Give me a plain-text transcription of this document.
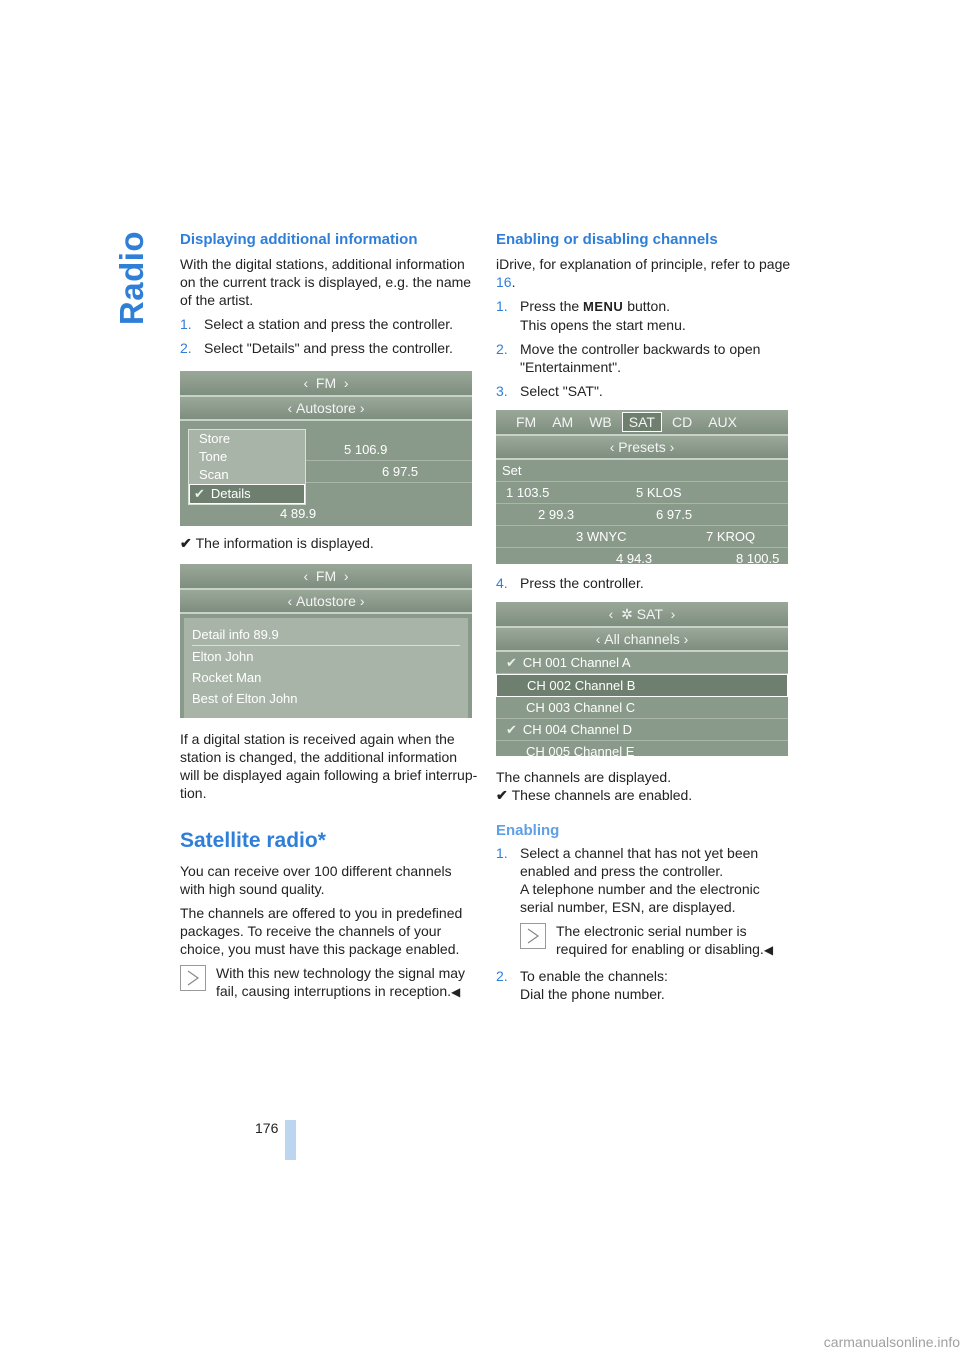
Radio Displaying additional information

With the digital stations, additional information on the current track is displayed, e.g. the name of the artist.

1. Select a station and press the controller.
2. Select "Details" and press the controller.
‹ FM ›
‹ Autostore ›
5 106.9
6 97.5
4 89.9
Store
Tone
Scan
✔ Details

✔ The information is displayed.

‹ FM ›
‹ Autostore ›
Detail info 89.9
Elton John
Rocket Man
Best of Elton John

If a digital station is received again when the station is changed, the additional information will be displayed again following a brief interrup-tion.

Satellite radio*

You can receive over 100 different channels with high sound quality.

The channels are offered to you in predefined packages. To receive the channels of your choice, you must have this package enabled.

With this new technology the signal may fail, causing interruptions in reception.◀
Enabling or disabling channels

iDrive, for explanation of principle, refer to page 16.

1. Press the MENU button.
This opens the start menu.
2. Move the controller backwards to open "Entertainment".
3. Select "SAT".
FM	AM	WB	SAT	CD	AUX
‹ Presets ›
Set
1 103.5	5 KLOS
2 99.3	6 97.5
3 WNYC	7 KROQ
4 94.3	8 100.5
4. Press the controller.
‹ ✲
SAT ›
‹ All channels ›
✔ CH 001 Channel A
CH 002 Channel B
CH 003 Channel C
✔ CH 004 Channel D
CH 005 Channel E

The channels are displayed.

✔ These channels are enabled.

Enabling
1. Select a channel that has not yet been enabled and press the controller.
A telephone number and the electronic serial number, ESN, are displayed.
The electronic serial number is required for enabling or disabling.◀
2. To enable the channels:
Dial the phone number.
176
carmanualsonline.info
